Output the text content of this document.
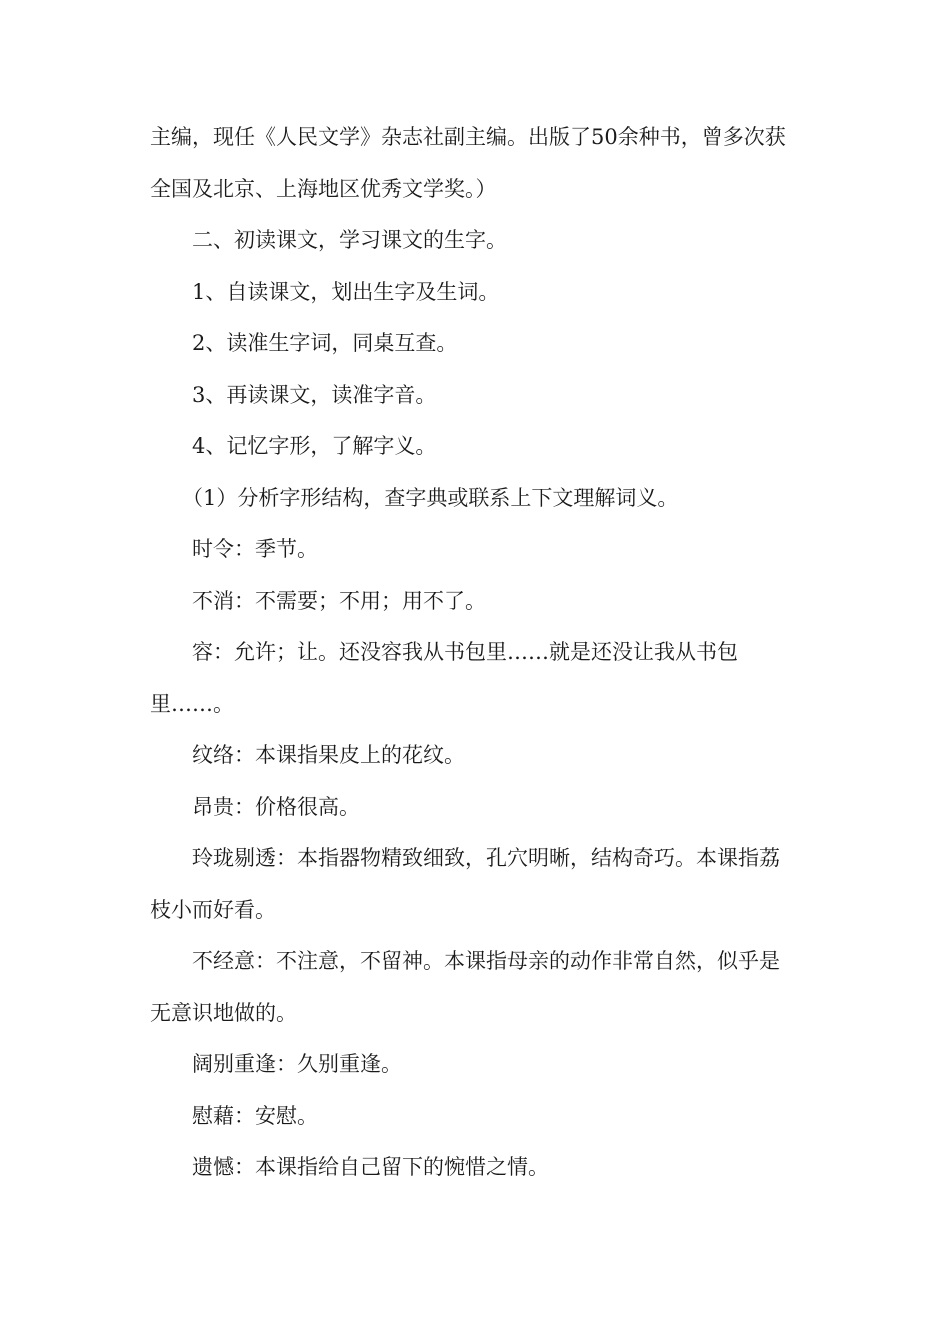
主编，现任《人民文学》杂志社副主编。出版了50余种书，曾多次获全国及北京、上海地区优秀文学奖。）

二、初读课文，学习课文的生字。

1、自读课文，划出生字及生词。

2、读准生字词，同桌互查。

3、再读课文，读准字音。

4、记忆字形，了解字义。

（1）分析字形结构，查字典或联系上下文理解词义。

时令：季节。

不消：不需要；不用；用不了。

容：允许；让。还没容我从书包里……就是还没让我从书包里……。

纹络：本课指果皮上的花纹。

昂贵：价格很高。

玲珑剔透：本指器物精致细致，孔穴明晰，结构奇巧。本课指荔枝小而好看。

不经意：不注意，不留神。本课指母亲的动作非常自然，似乎是无意识地做的。

阔别重逢：久别重逢。

慰藉：安慰。

遗憾：本课指给自己留下的惋惜之情。
